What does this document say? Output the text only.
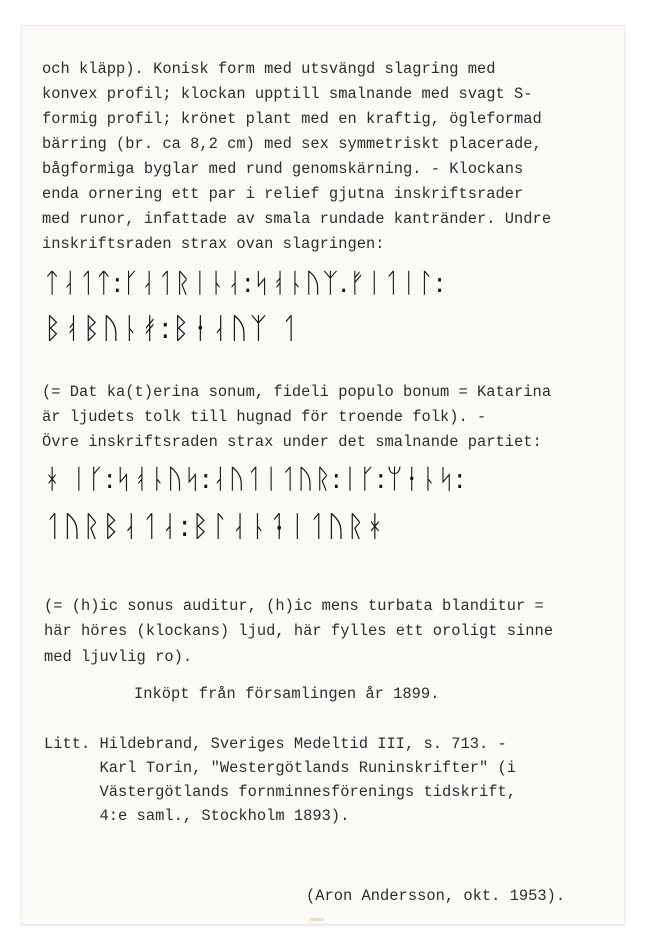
och kläpp). Konisk form med utsvängd slagring med
konvex profil; klockan upptill smalnande med svagt S-
formig profil; krönet plant med en kraftig, ögleformad
bärring (br. ca 8,2 cm) med sex symmetriskt placerade,
bågformiga byglar med rund genomskärning. - Klockans
enda ornering ett par i relief gjutna inskriftsrader
med runor, infattade av smala rundade kantränder. Undre
inskriftsraden strax ovan slagringen:
ᛏᛆᛐᛏ:ᚴᛆᛐᚱᛁᚿᛆ:ᛋᚮᚿᚢᛉ.ᚠᛁᛐᛁᛚ:
ᛒᚮᛒᚢᚿᚯ:ᛒᛂᛆᚢᛉ ᛐ
(= Dat ka(t)erina sonum, fideli populo bonum = Katarina
är ljudets tolk till hugnad för troende folk). -
Övre inskriftsraden strax under det smalnande partiet:
ᚼ ᛁᚴ:ᛋᚮᚿᚢᛋ:ᛆᚢᛐᛁᛐᚢᚱ:ᛁᚴ:ᛘᛂᚿᛋ:
ᛐᚢᚱᛒᛆᛐᛆ:ᛒᛚᛆᚿᛑᛁᛐᚢᚱᚼ
(= (h)ic sonus auditur, (h)ic mens turbata blanditur =
här höres (klockans) ljud, här fylles ett oroligt sinne
med ljuvlig ro).
Inköpt från församlingen år 1899.
Litt. Hildebrand, Sveriges Medeltid III, s. 713. -
Karl Torin, "Westergötlands Runinskrifter" (i
Västergötlands fornminnesförenings tidskrift,
4:e saml., Stockholm 1893).
(Aron Andersson, okt. 1953).
